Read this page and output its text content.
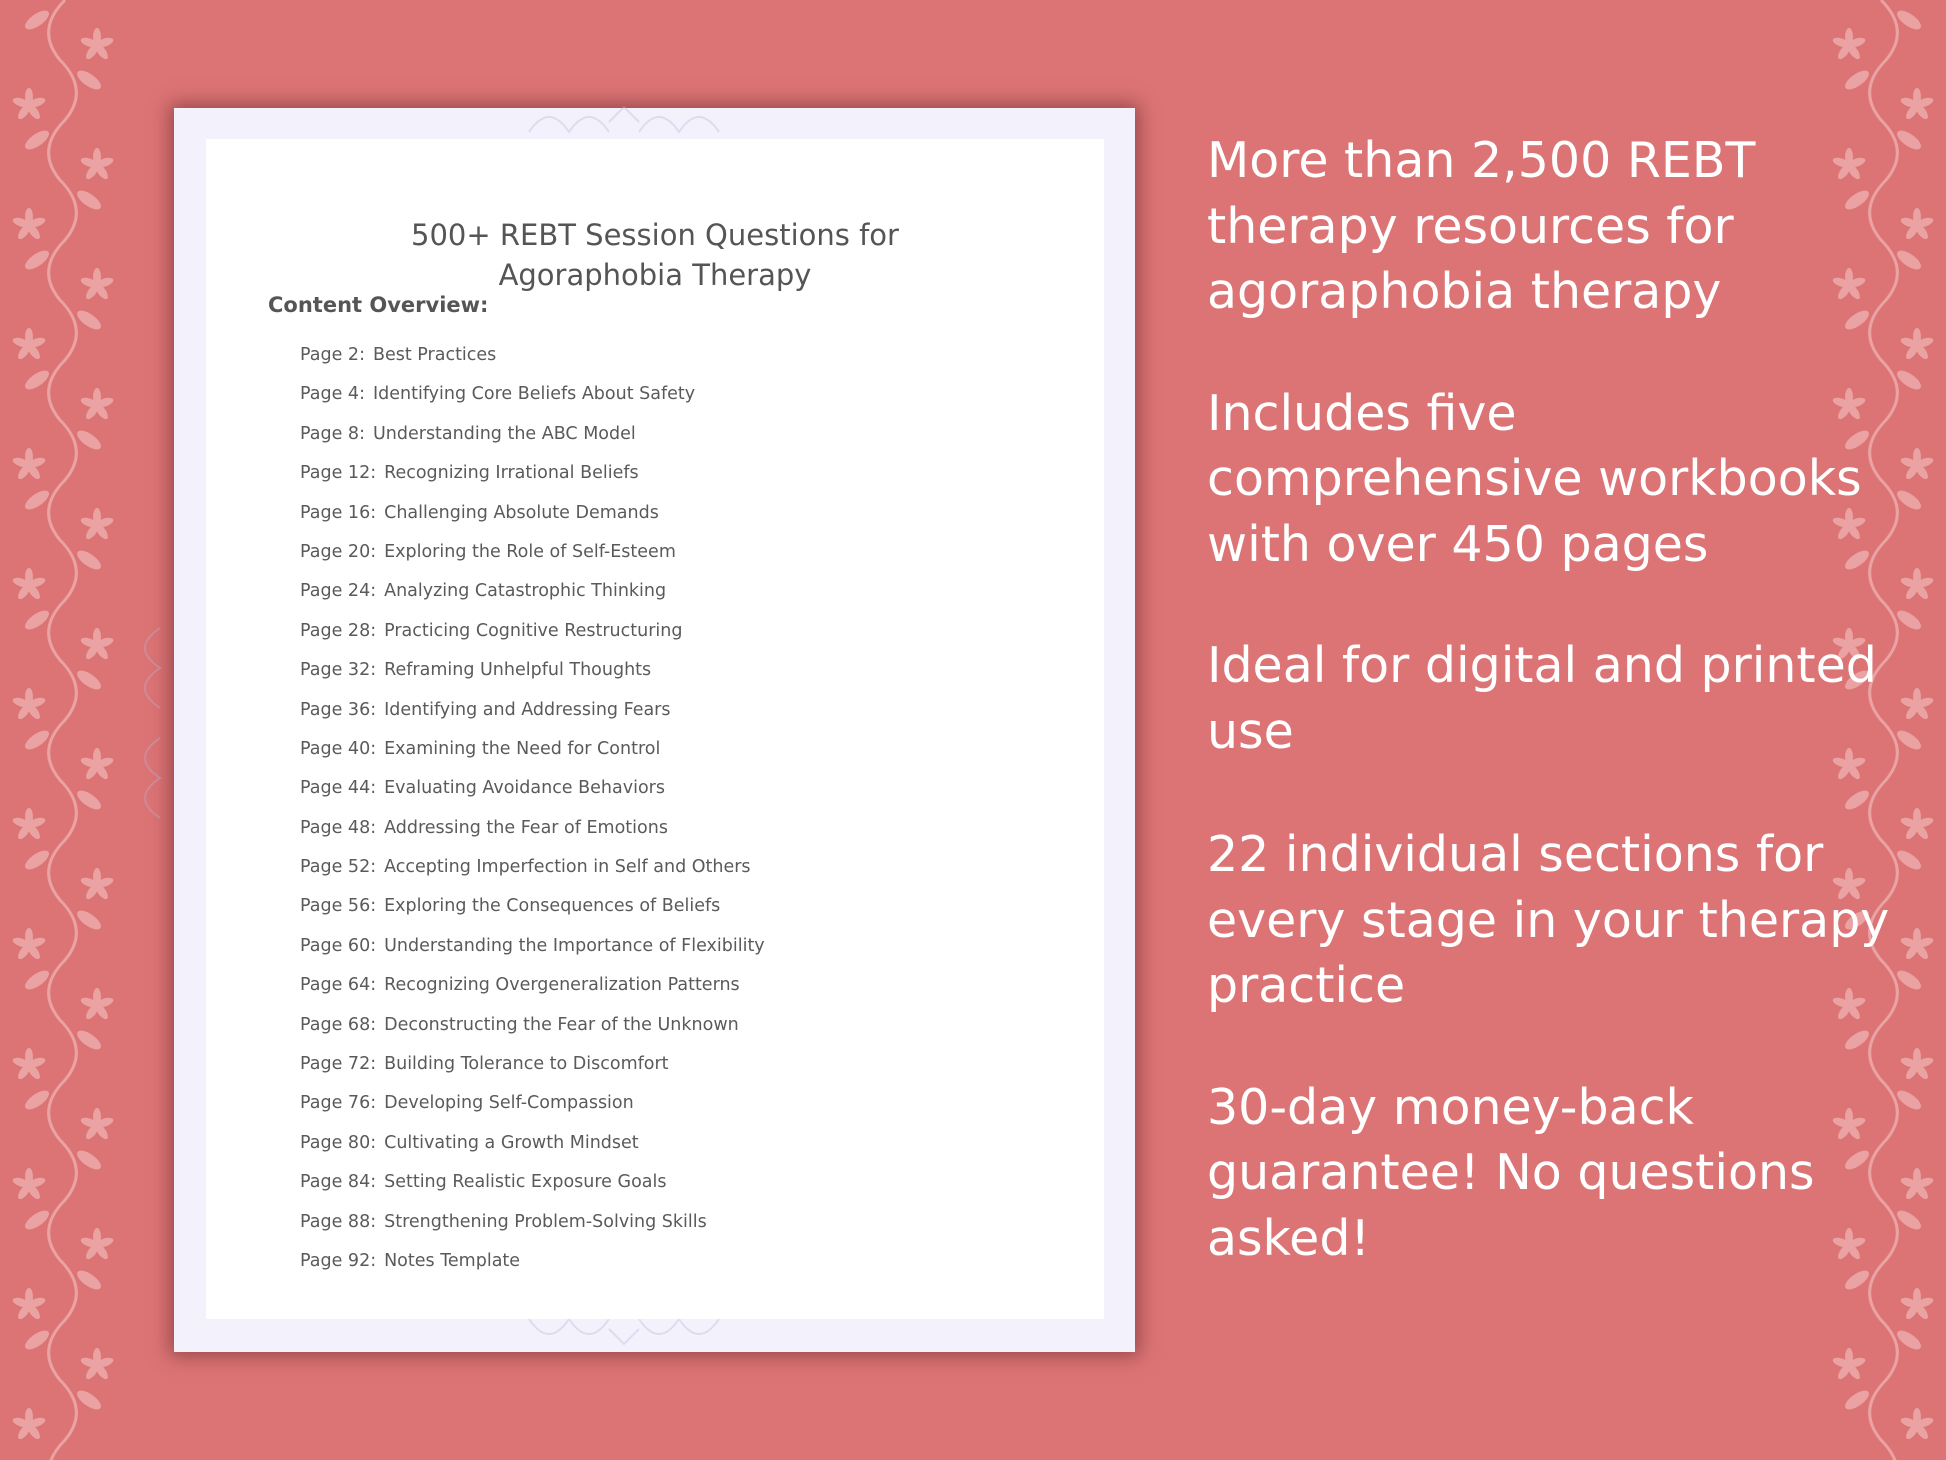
500+ REBT Session Questions for
Agoraphobia Therapy
Content Overview:
Page 2: Best Practices
Page 4: Identifying Core Beliefs About Safety
Page 8: Understanding the ABC Model
Page 12: Recognizing Irrational Beliefs
Page 16: Challenging Absolute Demands
Page 20: Exploring the Role of Self-Esteem
Page 24: Analyzing Catastrophic Thinking
Page 28: Practicing Cognitive Restructuring
Page 32: Reframing Unhelpful Thoughts
Page 36: Identifying and Addressing Fears
Page 40: Examining the Need for Control
Page 44: Evaluating Avoidance Behaviors
Page 48: Addressing the Fear of Emotions
Page 52: Accepting Imperfection in Self and Others
Page 56: Exploring the Consequences of Beliefs
Page 60: Understanding the Importance of Flexibility
Page 64: Recognizing Overgeneralization Patterns
Page 68: Deconstructing the Fear of the Unknown
Page 72: Building Tolerance to Discomfort
Page 76: Developing Self-Compassion
Page 80: Cultivating a Growth Mindset
Page 84: Setting Realistic Exposure Goals
Page 88: Strengthening Problem-Solving Skills
Page 92: Notes Template
More than 2,500 REBT therapy resources for agoraphobia therapy
Includes five comprehensive workbooks with over 450 pages
Ideal for digital and printed use
22 individual sections for every stage in your therapy practice
30-day money-back guarantee! No questions asked!
